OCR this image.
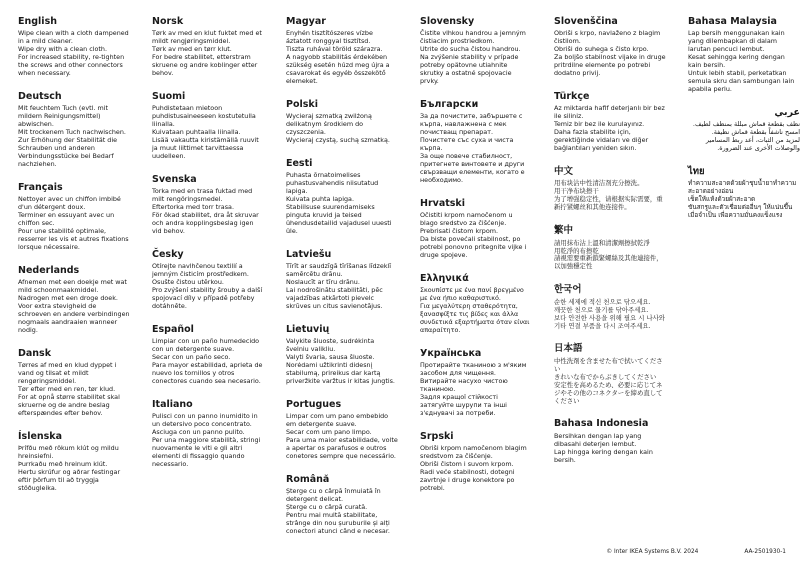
English

Wipe clean with a cloth dampened in a mild cleaner.

Wipe dry with a clean cloth.

For increased stability, re-tighten the screws and other connectors when necessary.

Deutsch

Mit feuchtem Tuch (evtl. mit mildem Reinigungsmittel) abwischen.

Mit trockenem Tuch nachwischen.

Zur Erhöhung der Stabilität die Schrauben und anderen Verbindungsstücke bei Bedarf nachziehen.

Français

Nettoyer avec un chiffon imbibé d'un détergent doux.

Terminer en essuyant avec un chiffon sec.

Pour une stabilité optimale, resserrer les vis et autres fixations lorsque nécessaire.

Nederlands

Afnemen met een doekje met wat mild schoonmaakmiddel.

Nadrogen met een droge doek.

Voor extra stevigheid de schroeven en andere verbindingen nogmaals aandraaien wanneer nodig.

Dansk

Tørres af med en klud dyppet i vand og tilsat et mildt rengøringsmiddel.

Tør efter med en ren, tør klud.

For at opnå større stabilitet skal skruerne og de andre beslag efterspændes efter behov.

Íslenska

Þrífðu með rökum klút og mildu hreinsiefni.

Þurrkaðu með hreinum klút.

Hertu skrúfur og aðrar festingar eftir þörfum til að tryggja stöðugleika.

Norsk

Tørk av med en klut fuktet med et mildt rengjøringsmiddel.

Tørk av med en tørr klut.

For bedre stabilitet, etterstram skruene og andre koblinger etter behov.

Suomi

Puhdistetaan mietoon puhdistusaineeseen kostutetulla liinalla.

Kuivataan puhtaalla liinalla.

Lisää vakautta kiristämällä ruuvit ja muut liittimet tarvittaessa uudelleen.

Svenska

Torka med en trasa fuktad med milt rengöringsmedel.

Eftertorka med torr trasa.

För ökad stabilitet, dra åt skruvar och andra kopplingsbeslag igen vid behov.

Česky

Otírejte navlhčenou textilií a jemným čisticím prostředkem.

Osušte čistou utěrkou.

Pro zvýšení stability šrouby a další spojovací díly v případě potřeby dotáhněte.

Español

Limpiar con un paño humedecido con un detergente suave.

Secar con un paño seco.

Para mayor estabilidad, aprieta de nuevo los tornillos y otros conectores cuando sea necesario.

Italiano

Pulisci con un panno inumidito in un detersivo poco concentrato.

Asciuga con un panno pulito.

Per una maggiore stabilità, stringi nuovamente le viti e gli altri elementi di fissaggio quando necessario.

Magyar

Enyhén tisztítószeres vízbe áztatott ronggyal tisztítsd.

Tiszta ruhával töröld szárazra.

A nagyobb stabilitás érdekében szükség esetén húzd meg újra a csavarokat és egyéb összekötő elemeket.

Polski

Wycieraj szmatką zwilżoną delikatnym środkiem do czyszczenia.

Wycieraj czystą, suchą szmatką.

Eesti

Puhasta õrnatoimelises puhastusvahendis niisutatud lapiga.

Kuivata puhta lapiga.

Stabiilsuse suurendamiseks pinguta kruvid ja teised ühendusdetailid vajadusel uuesti üle.

Latviešu

Tīrīt ar saudzīgā tīrīšanas līdzeklī samērcētu drānu.

Noslaucīt ar tīru drānu.

Lai nodrošinātu stabilitāti, pēc vajadzības atkārtoti pievelc skrūves un citus savienotājus.

Lietuvių

Valykite šluoste, sudrėkinta švelniu valikliu.

Valyti švaria, sausa šluoste.

Norėdami užtikrinti didesnį stabilumą, prireikus dar kartą priveržkite varžtus ir kitas jungtis.

Portugues

Limpar com um pano embebido em detergente suave.

Secar com um pano limpo.

Para uma maior estabilidade, volte a apertar os parafusos e outros conetores sempre que necessário.

Română

Șterge cu o cârpă înmuiată în detergent delicat.

Șterge cu o cârpă curată.

Pentru mai multă stabilitate, strânge din nou șuruburile și alți conectori atunci când e necesar.

Slovensky

Čistite vlhkou handrou a jemným čistiacim prostriedkom.

Utrite do sucha čistou handrou.

Na zvýšenie stability v prípade potreby opätovne utiahnite skrutky a ostatné spojovacie prvky.

Български

За да почистите, забършете с кърпа, навлажнена с мек почистващ препарат.

Почистете със суха и чиста кърпа.

За още повече стабилност, притегнете винтовете и други свързващи елементи, когато е необходимо.

Hrvatski

Očistiti krpom namočenom u blago sredstvo za čišćenje.

Prebrisati čistom krpom.

Da biste povećali stabilnost, po potrebi ponovno pritegnite vijke i druge spojeve.

Ελληνικά

Σκουπίστε με ένα πανί βρεγμένο με ένα ήπιο καθαριστικό.

Για μεγαλύτερη σταθερότητα, ξανασφίξτε τις βίδες και άλλα συνδετικά εξαρτήματα όταν είναι απαραίτητο.

Українська

Протирайте тканиною з м'яким засобом для чищення.

Витирайте насухо чистою тканиною.

Задля кращої стійкості затягуйте шурупи та інші з'єднувачі за потреби.

Srpski

Obriši krpom namočenom blagim sredstvom za čišćenje.

Obriši čistom i suvom krpom.

Radi veće stabilnosti, dotegni zavrtnje i druge konektore po potrebi.

Slovenščina

Obriši s krpo, navlaženo z blagim čistilom.

Obriši do suhega s čisto krpo.

Za boljšo stabilnost vijake in druge pritrdilne elemente po potrebi dodatno privij.

Türkçe

Az miktarda hafif deterjanlı bir bez ile siliniz.

Temiz bir bez ile kurulayınız.

Daha fazla stabilite için, gerektiğinde vidaları ve diğer bağlantıları yeniden sıkın.

中文

用布块沾中性清洁剂充分擦洗。

用干净布块擦干

为了增强稳定性，请根据实际需要，重新拧紧螺丝和其他连接件。

繁中

請用抹布沾上溫和清潔劑擦拭乾淨

用乾淨的布擦乾

請視需要重新鎖緊螺絲及其他連接件，以加強穩定性

한국어

순한 세제에 적신 천으로 닦으세요.

깨끗한 천으로 물기를 닦아주세요.

보다 안전한 사용을 위해 필요 시 나사와 기타 연결 부품을 다시 조여주세요.

日本語

中性洗剤を含ませた布で拭いてください

きれいな布でからぶきしてください

安定性を高めるため、必要に応じてネジやその他のコネクターを締め直してください

Bahasa Indonesia

Bersihkan dengan lap yang dibasahi deterjen lembut.

Lap hingga kering dengan kain bersih.

Bahasa Malaysia

Lap bersih menggunakan kain yang dilembapkan di dalam larutan pencuci lembut.

Kesat sehingga kering dengan kain bersih.

Untuk lebih stabil, perketatkan semula skru dan sambungan lain apabila perlu.

عربي

نظف بقطعة قماش مبللة بمنظف لطيف.

امسح ناشفاً بقطعة قماش نظيفة.

لمزيد من الثبات، أعد ربط المسامير والوصلات الأخرى عند الضرورة.

ไทย

ทำความสะอาดด้วยผ้าชุบน้ำยาทำความสะอาดอย่างอ่อน

เช็ดให้แห้งด้วยผ้าสะอาด

ขันสกรูและตัวเชื่อมต่ออื่นๆ ให้แน่นขึ้นเมื่อจำเป็น เพื่อความมั่นคงแข็งแรง

© Inter IKEA Systems B.V. 2024	AA-2501930-1
